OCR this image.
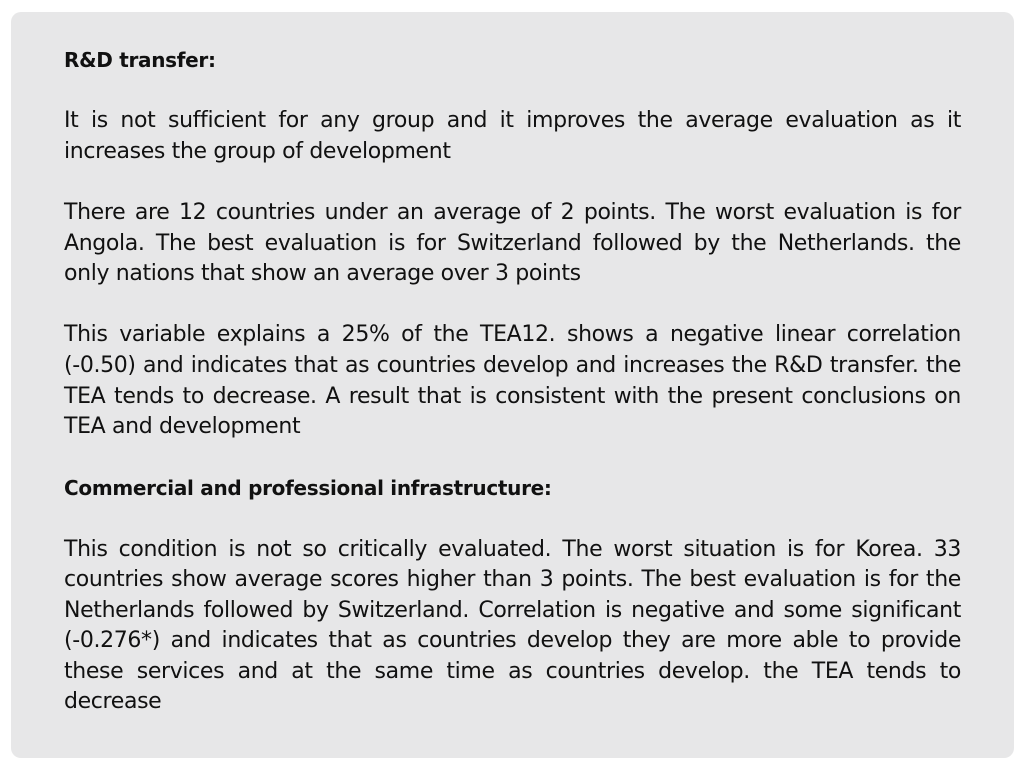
R&D transfer:

It is not sufficient for any group and it improves the average evaluation as it increases the group of development

There are 12 countries under an average of 2 points. The worst evaluation is for Angola. The best evaluation is for Switzerland followed by the Netherlands. the only nations that show an average over 3 points

This variable explains a 25% of the TEA12. shows a negative linear correlation (-0.50) and indicates that as countries develop and increases the R&D transfer. the TEA tends to decrease. A result that is consistent with the present conclusions on TEA and development

Commercial and professional infrastructure:

This condition is not so critically evaluated. The worst situation is for Korea. 33 countries show average scores higher than 3 points. The best evaluation is for the Netherlands followed by Switzerland. Correlation is negative and some significant (-0.276*) and indicates that as countries develop they are more able to provide these services and at the same time as countries develop. the TEA tends to decrease
